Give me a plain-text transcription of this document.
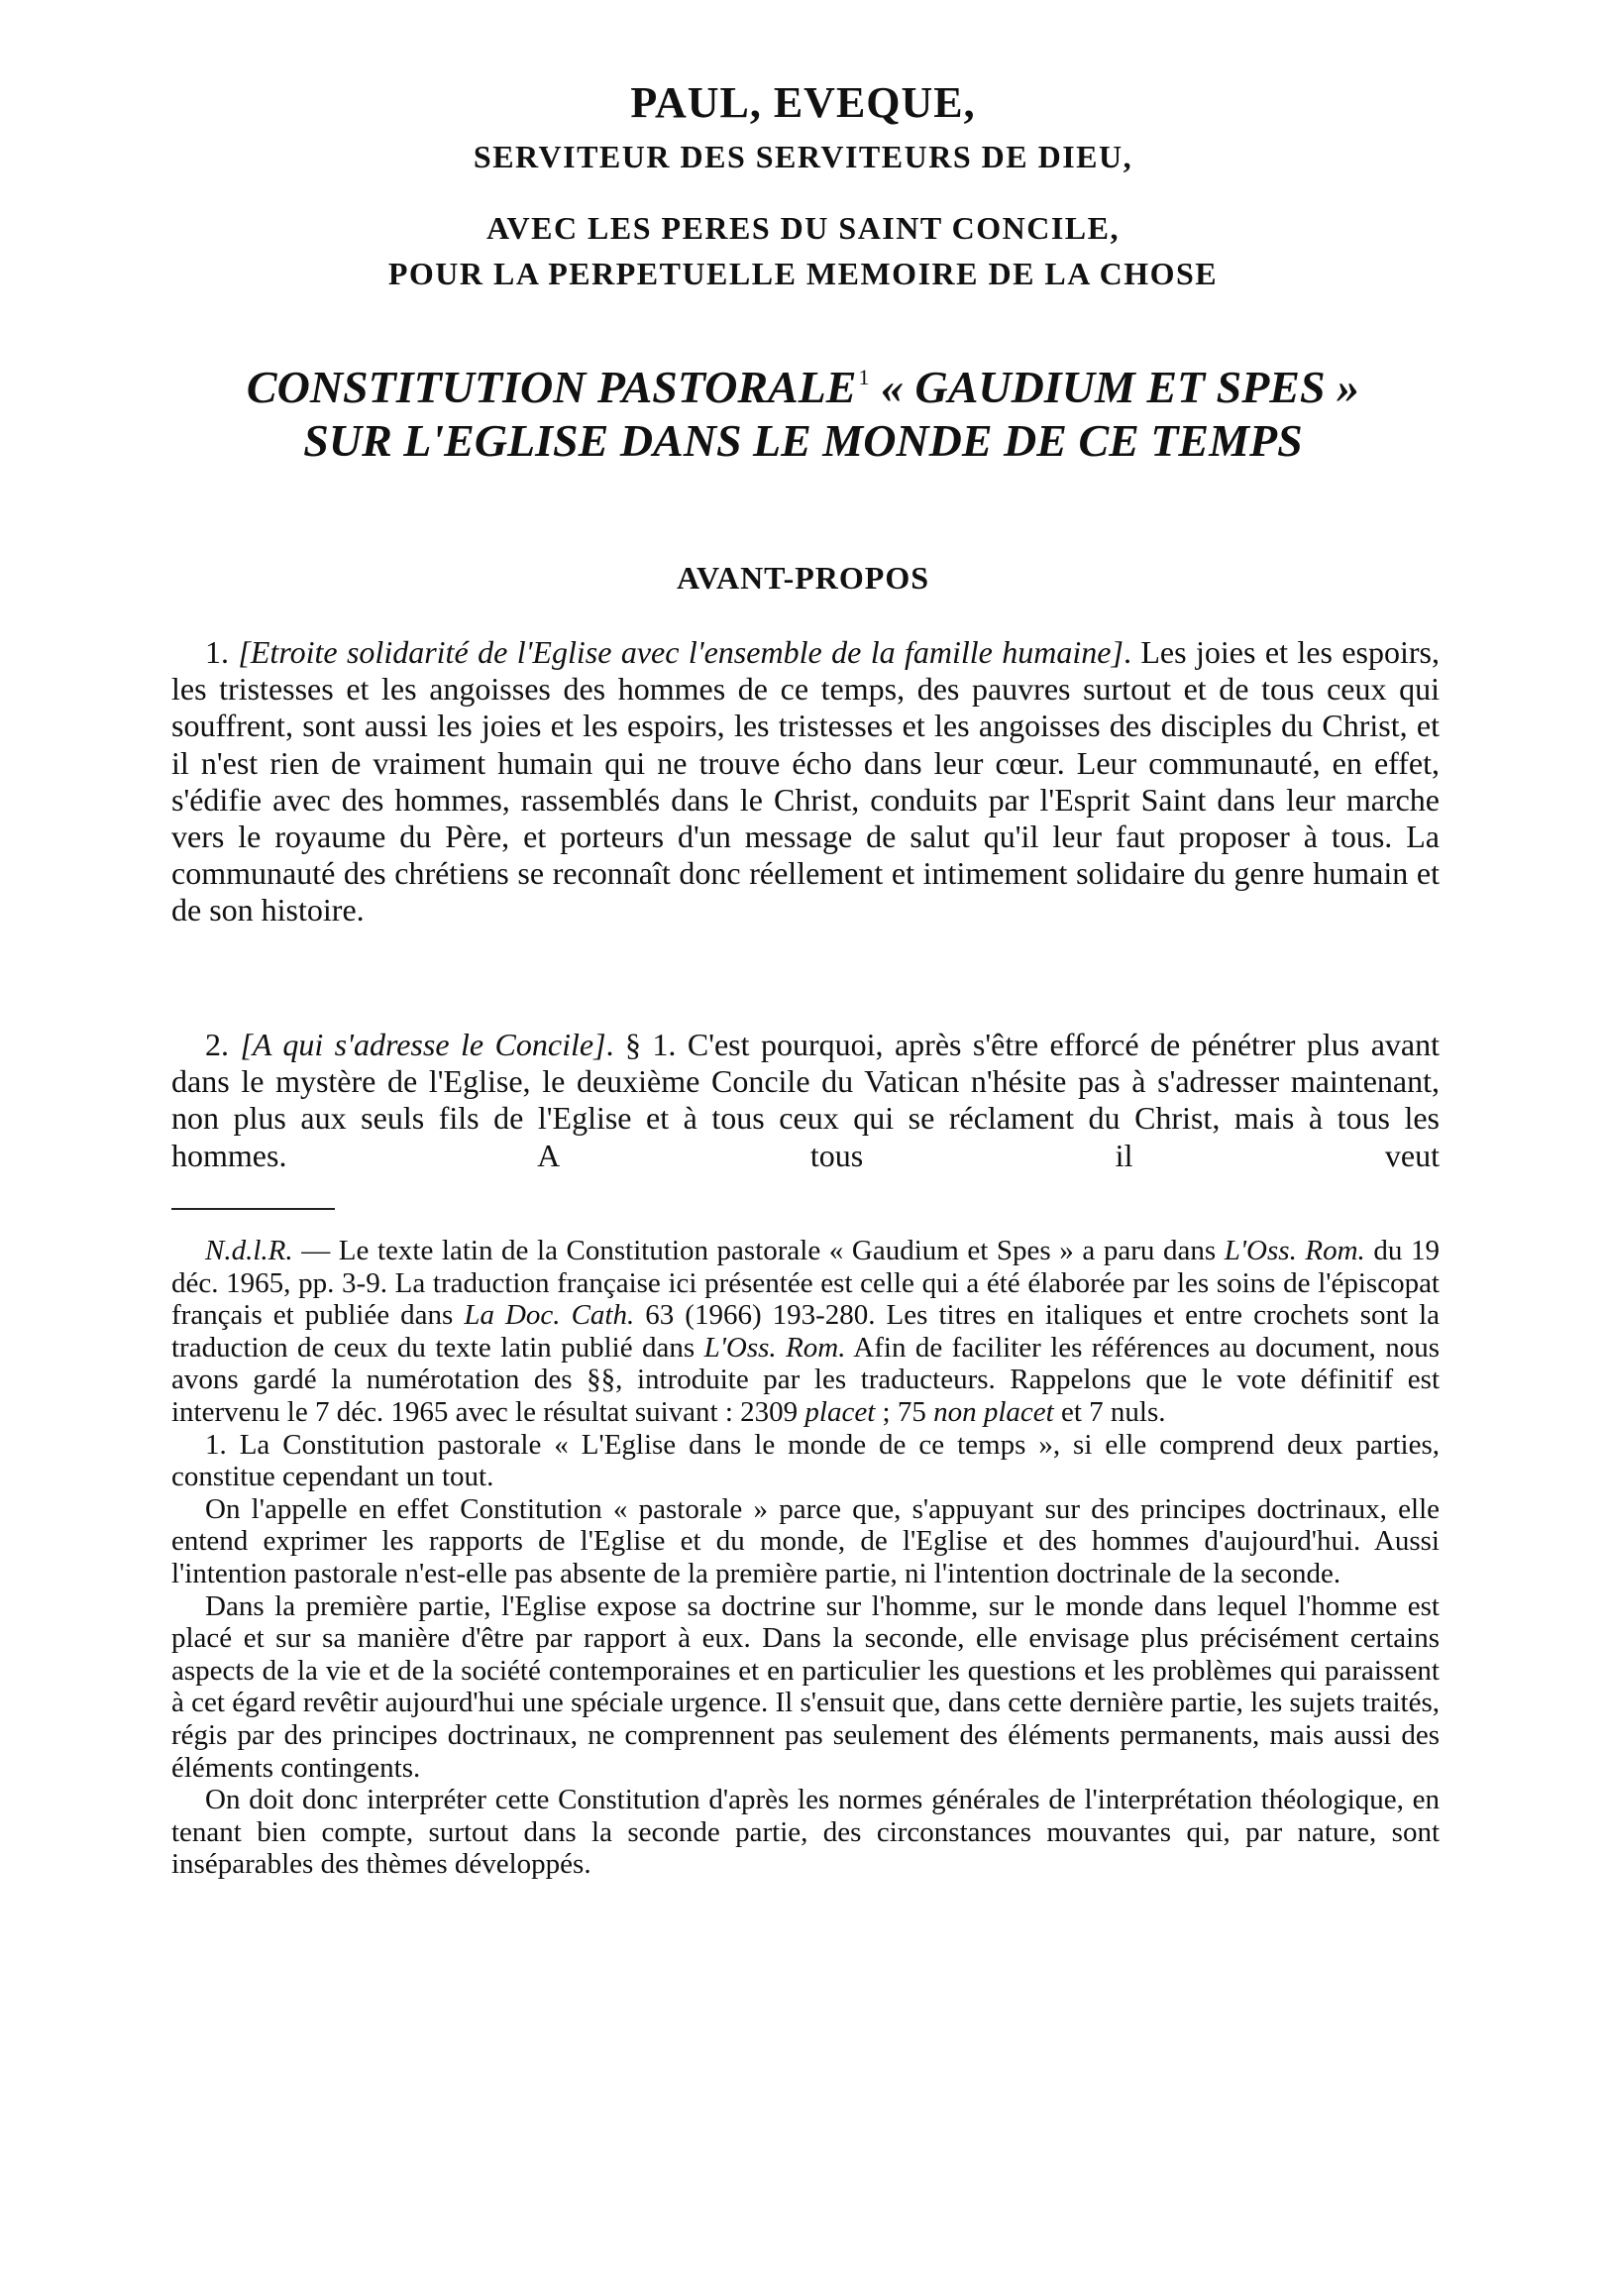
PAUL, EVEQUE,
SERVITEUR DES SERVITEURS DE DIEU,
AVEC LES PERES DU SAINT CONCILE,
POUR LA PERPETUELLE MEMOIRE DE LA CHOSE
CONSTITUTION PASTORALE$^1$ « GAUDIUM ET SPES »
SUR L'EGLISE DANS LE MONDE DE CE TEMPS
AVANT-PROPOS

1. [Etroite solidarité de l'Eglise avec l'ensemble de la famille humaine]. Les joies et les espoirs, les tristesses et les angoisses des hommes de ce temps, des pauvres surtout et de tous ceux qui souffrent, sont aussi les joies et les espoirs, les tristesses et les angoisses des disciples du Christ, et il n'est rien de vraiment humain qui ne trouve écho dans leur cœur. Leur communauté, en effet, s'édifie avec des hommes, rassemblés dans le Christ, conduits par l'Esprit Saint dans leur marche vers le royaume du Père, et porteurs d'un message de salut qu'il leur faut proposer à tous. La communauté des chrétiens se reconnaît donc réellement et intimement solidaire du genre humain et de son histoire.

2. [A qui s'adresse le Concile]. § 1. C'est pourquoi, après s'être efforcé de pénétrer plus avant dans le mystère de l'Eglise, le deuxième Concile du Vatican n'hésite pas à s'adresser maintenant, non plus aux seuls fils de l'Eglise et à tous ceux qui se réclament du Christ, mais à tous les hommes. A tous il veut

N.d.l.R. — Le texte latin de la Constitution pastorale « Gaudium et Spes » a paru dans L'Oss. Rom. du 19 déc. 1965, pp. 3-9. La traduction française ici présentée est celle qui a été élaborée par les soins de l'épiscopat français et publiée dans La Doc. Cath. 63 (1966) 193-280. Les titres en italiques et entre crochets sont la traduction de ceux du texte latin publié dans L'Oss. Rom. Afin de faciliter les références au document, nous avons gardé la numérotation des §§, introduite par les traducteurs. Rappelons que le vote définitif est intervenu le 7 déc. 1965 avec le résultat suivant : 2309 placet ; 75 non placet et 7 nuls.

1. La Constitution pastorale « L'Eglise dans le monde de ce temps », si elle comprend deux parties, constitue cependant un tout.

On l'appelle en effet Constitution « pastorale » parce que, s'appuyant sur des principes doctrinaux, elle entend exprimer les rapports de l'Eglise et du monde, de l'Eglise et des hommes d'aujourd'hui. Aussi l'intention pastorale n'est-elle pas absente de la première partie, ni l'intention doctrinale de la seconde.

Dans la première partie, l'Eglise expose sa doctrine sur l'homme, sur le monde dans lequel l'homme est placé et sur sa manière d'être par rapport à eux. Dans la seconde, elle envisage plus précisément certains aspects de la vie et de la société contemporaines et en particulier les questions et les problèmes qui paraissent à cet égard revêtir aujourd'hui une spéciale urgence. Il s'ensuit que, dans cette dernière partie, les sujets traités, régis par des principes doctrinaux, ne comprennent pas seulement des éléments permanents, mais aussi des éléments contingents.

On doit donc interpréter cette Constitution d'après les normes générales de l'interprétation théologique, en tenant bien compte, surtout dans la seconde partie, des circonstances mouvantes qui, par nature, sont inséparables des thèmes développés.
